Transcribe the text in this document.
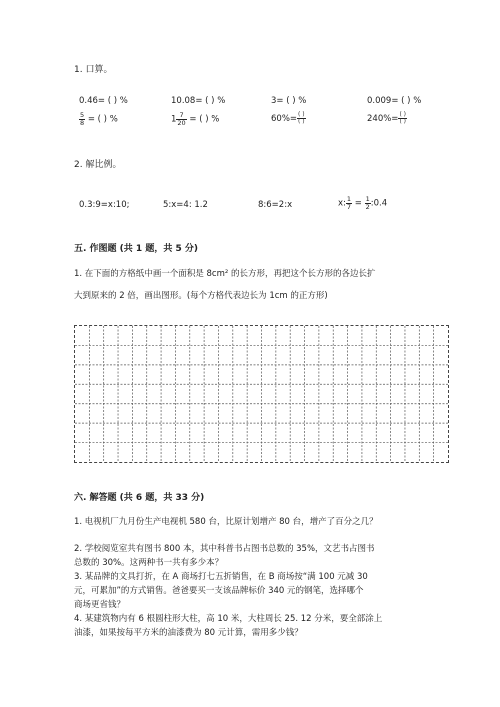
1. 口算。
0.46= ( ) %	10.08= ( ) %	3= ( ) %	0.009= ( ) %
$\frac{5}{8}$ = ( ) %	$1 \frac{7}{20}$ = ( ) %	$60\%= \frac{( )}{( )}$	$240\%= \frac{( )}{( )}$
2. 解比例。
0.3:9=x:10;	5:x=4: 1.2	8:6=2:x	x: $\frac{1}{7} = \frac{1}{2}$ :0.4
五. 作图题 (共 1 题，共 5 分)
1. 在下面的方格纸中画一个面积是 8cm² 的长方形，再把这个长方形的各边长扩
大到原来的 2 倍，画出图形。(每个方格代表边长为 1cm 的正方形)
六. 解答题 (共 6 题，共 33 分)
1. 电视机厂九月份生产电视机 580 台，比原计划增产 80 台，增产了百分之几？
2. 学校阅览室共有图书 800 本，其中科普书占图书总数的 35%，文艺书占图书
总数的 30%。这两种书一共有多少本？
3. 某品牌的文具打折，在 A 商场打七五折销售，在 B 商场按“满 100 元减 30
元，可累加”的方式销售。爸爸要买一支该品牌标价 340 元的钢笔，选择哪个
商场更省钱？
4. 某建筑物内有 6 根圆柱形大柱，高 10 米，大柱周长 25. 12 分米，要全部涂上
油漆，如果按每平方米的油漆费为 80 元计算，需用多少钱？
